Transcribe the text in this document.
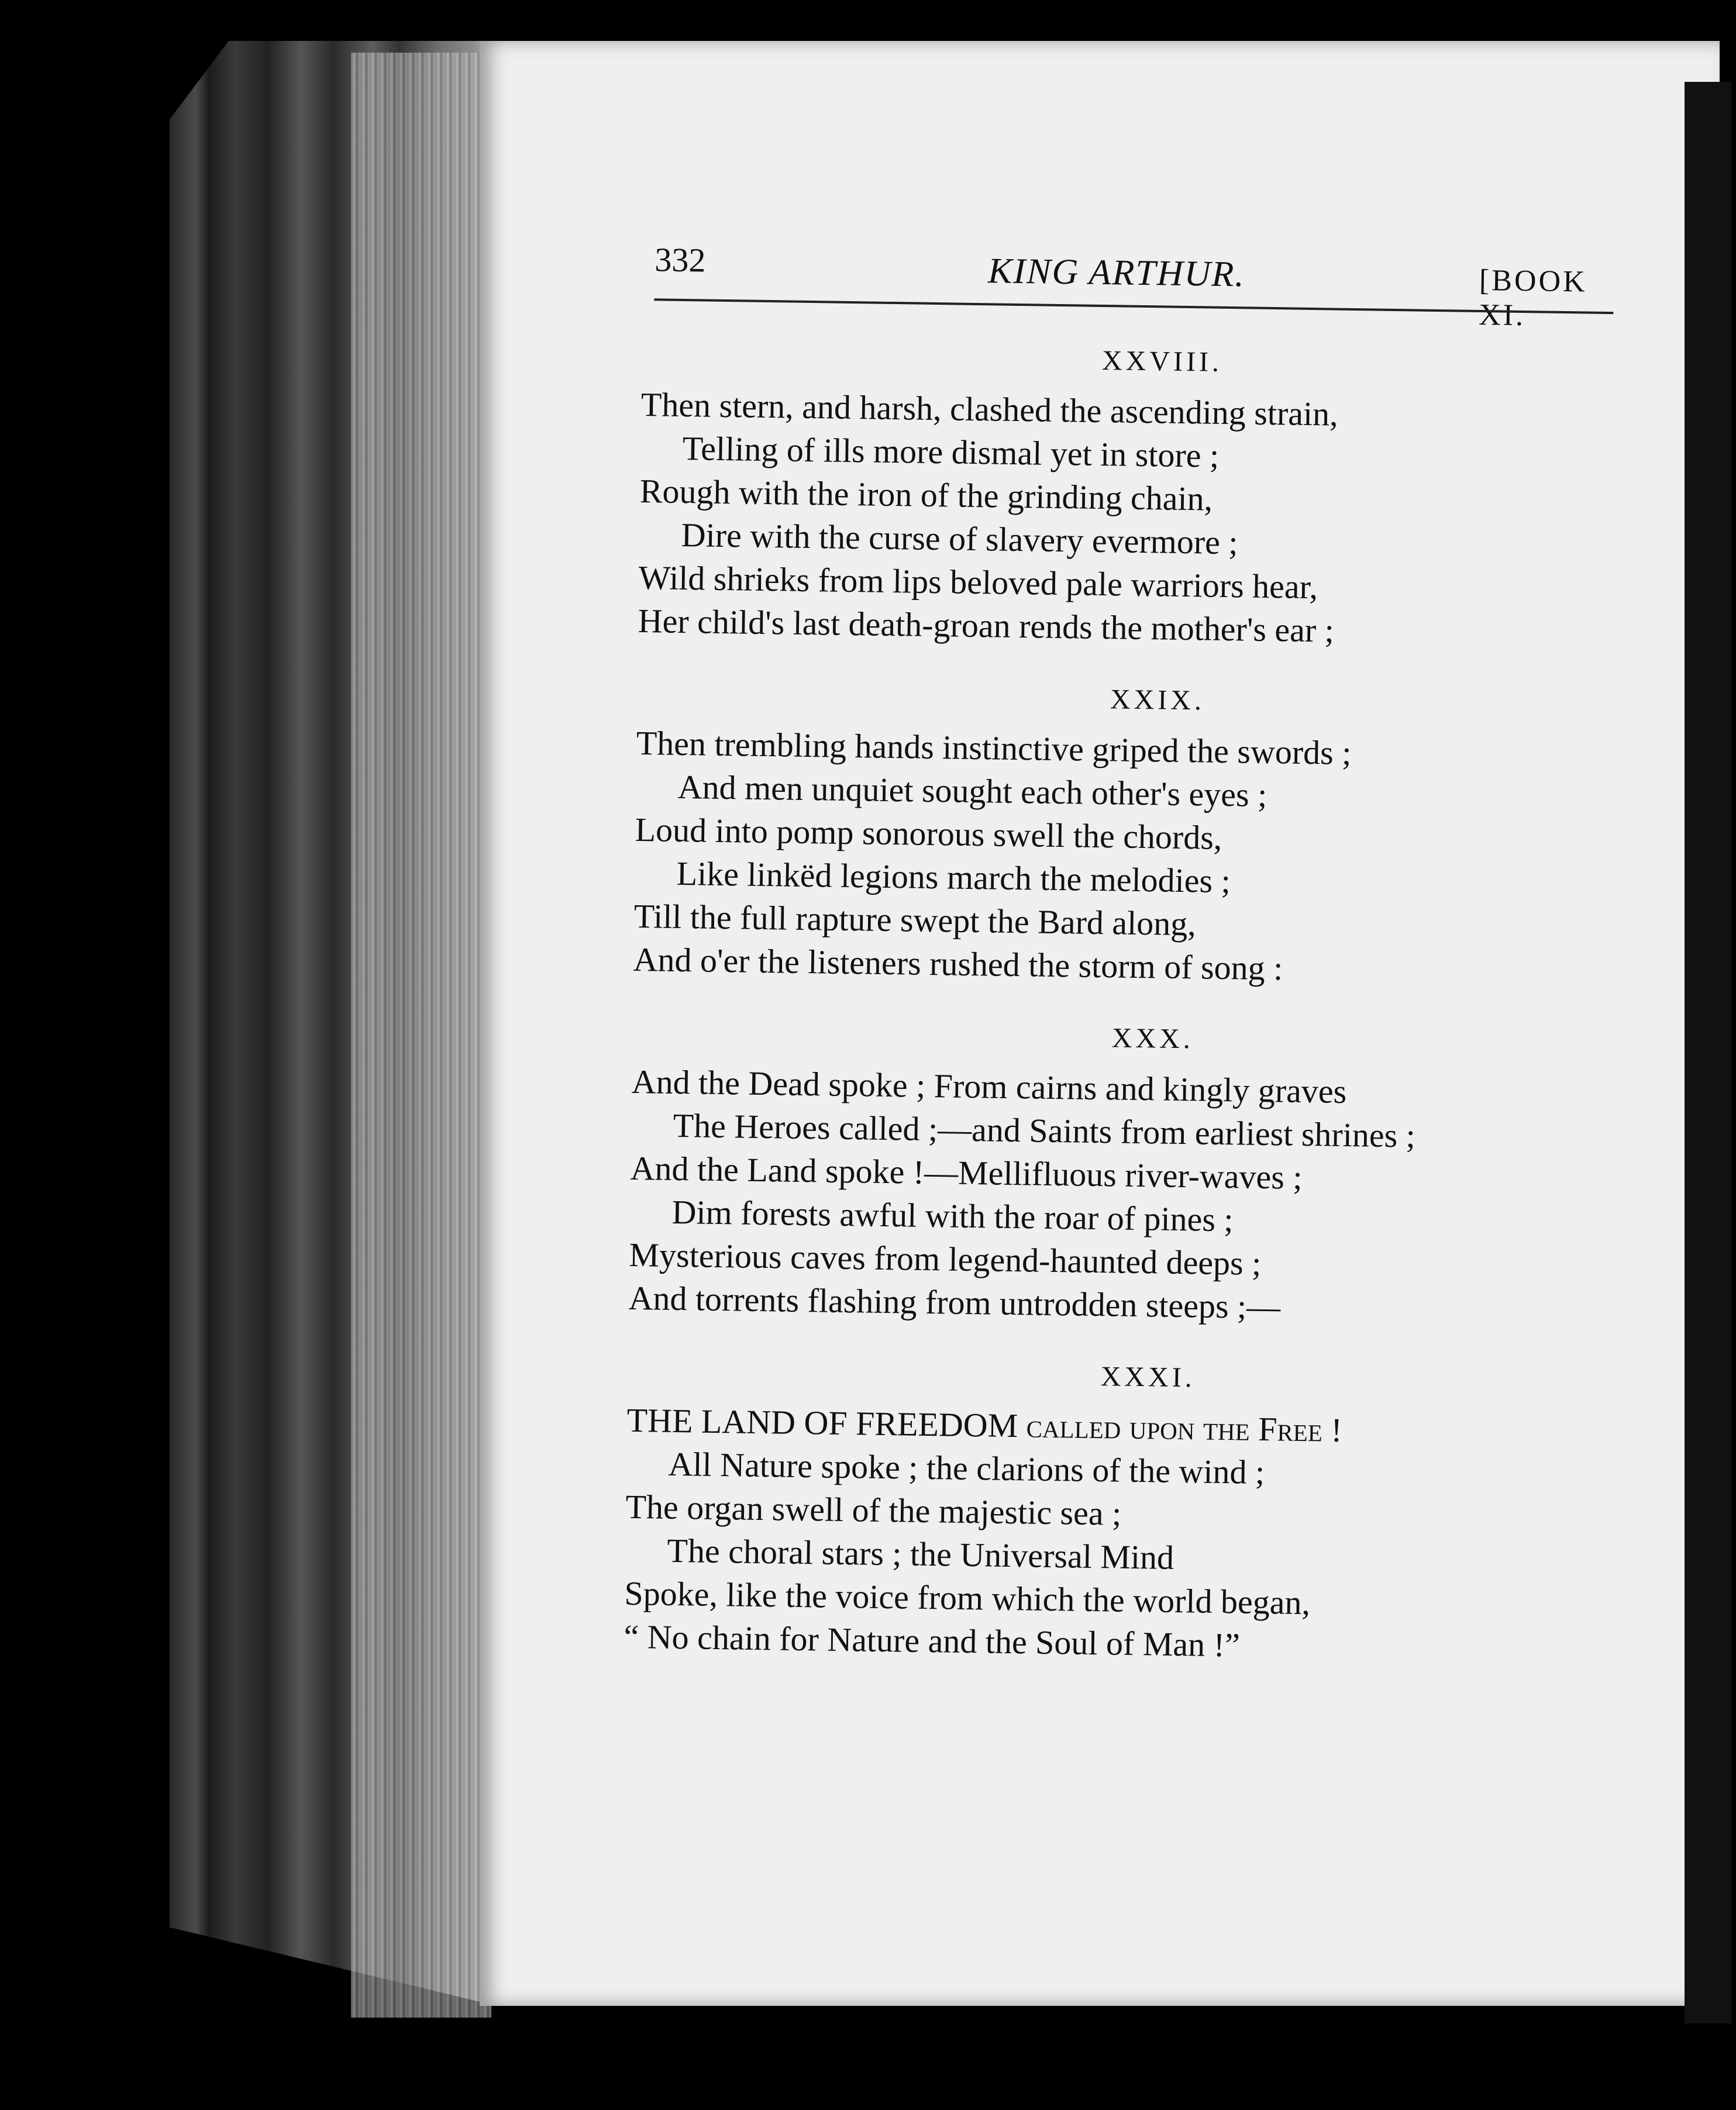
332	KING ARTHUR.	[BOOK XI.
XXVIII.

Then stern, and harsh, clashed the ascending strain,
Telling of ills more dismal yet in store ;
Rough with the iron of the grinding chain,
Dire with the curse of slavery evermore ;
Wild shrieks from lips beloved pale warriors hear,
Her child's last death-groan rends the mother's ear ;

XXIX.

Then trembling hands instinctive griped the swords ;
And men unquiet sought each other's eyes ;
Loud into pomp sonorous swell the chords,
Like linkëd legions march the melodies ;
Till the full rapture swept the Bard along,
And o'er the listeners rushed the storm of song :

XXX.

And the Dead spoke ; From cairns and kingly graves
The Heroes called ;—and Saints from earliest shrines ;
And the Land spoke !—Mellifluous river-waves ;
Dim forests awful with the roar of pines ;
Mysterious caves from legend-haunted deeps ;
And torrents flashing from untrodden steeps ;—

XXXI.

THE LAND OF FREEDOM called upon the Free !
All Nature spoke ; the clarions of the wind ;
The organ swell of the majestic sea ;
The choral stars ; the Universal Mind
Spoke, like the voice from which the world began,
“ No chain for Nature and the Soul of Man !”
